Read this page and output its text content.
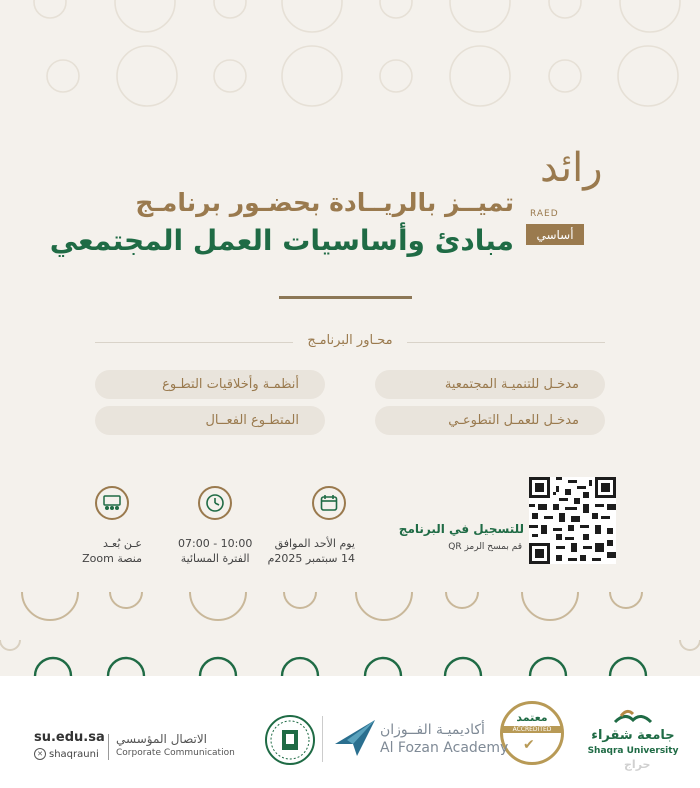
رائد
RAED
أساسي
تميــز بالريــادة بحضـور برنامـج
مبادئ وأساسيات العمل المجتمعي
محـاور البرنامـج
مدخـل للتنميـة المجتمعية
أنظمـة وأخلاقيات التطـوع
مدخـل للعمـل التطوعـي
المتطـوع الفعــال
يوم الأحد الموافق
14 سبتمبر 2025م
07:00 - 10:00
الفترة المسائية
عـن بُعـد
منصة Zoom
للتسجيل في البرنامج
قم بمسح الرمز QR
جامعة شقراء
Shaqra University
معتمد
ACCREDITED
✔
أكاديميـة الفــوزان
Al Fozan Academy
الاتصال المؤسسي
Corporate Communication
su.edu.sa
✕ shaqrauni
حراج
